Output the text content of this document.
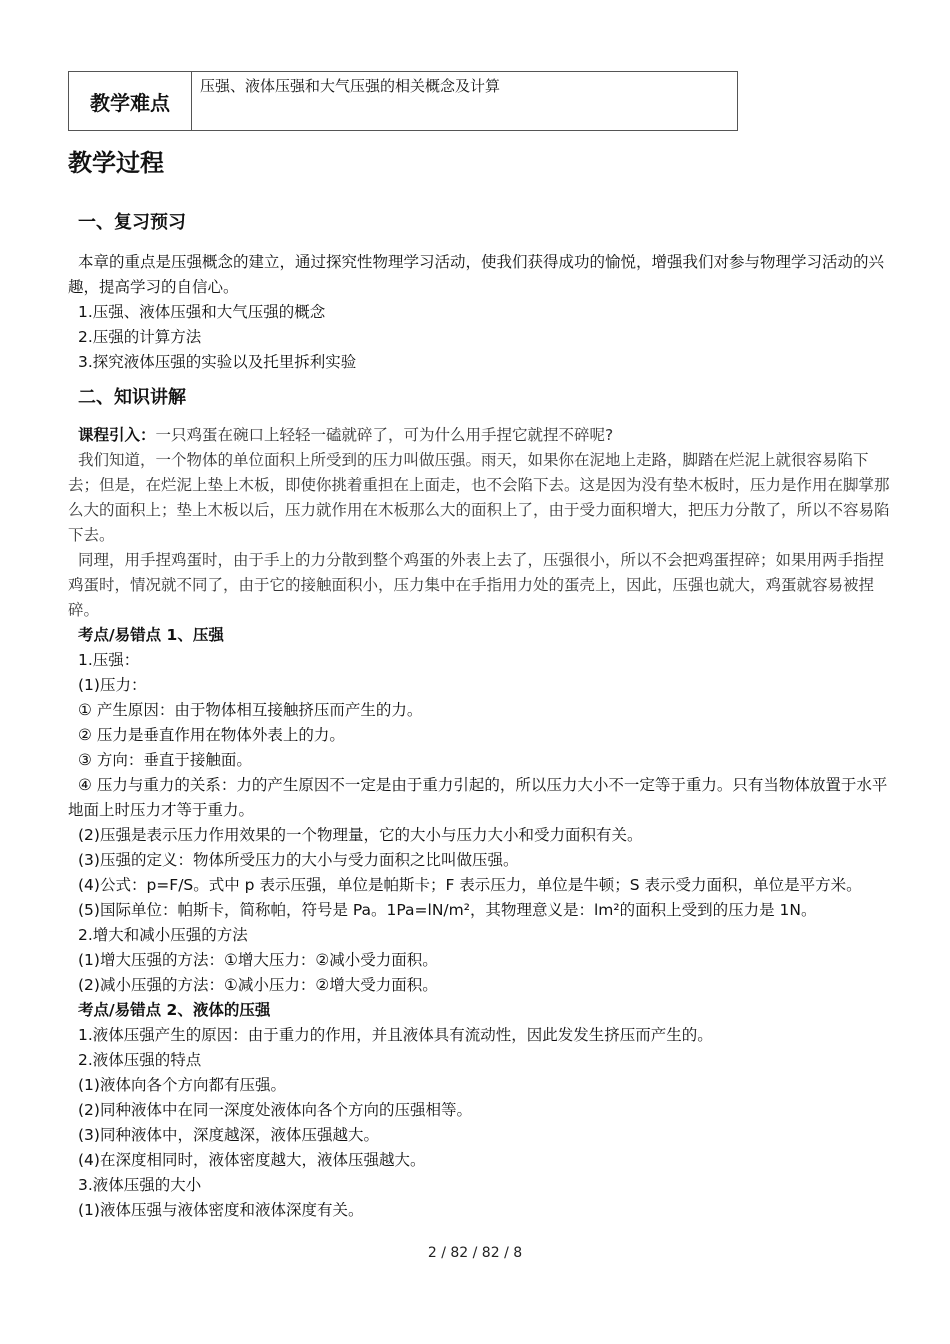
教学难点	压强、液体压强和大气压强的相关概念及计算
教学过程
一、复习预习

本章的重点是压强概念的建立，通过探究性物理学习活动，使我们获得成功的愉悦，增强我们对参与物理学习活动的兴趣，提高学习的自信心。

1.压强、液体压强和大气压强的概念

2.压强的计算方法

3.探究液体压强的实验以及托里拆利实验

二、知识讲解

课程引入：一只鸡蛋在碗口上轻轻一磕就碎了，可为什么用手捏它就捏不碎呢?

我们知道，一个物体的单位面积上所受到的压力叫做压强。雨天，如果你在泥地上走路，脚踏在烂泥上就很容易陷下去；但是，在烂泥上垫上木板，即使你挑着重担在上面走，也不会陷下去。这是因为没有垫木板时，压力是作用在脚掌那么大的面积上；垫上木板以后，压力就作用在木板那么大的面积上了，由于受力面积增大，把压力分散了，所以不容易陷下去。

同理，用手捏鸡蛋时，由于手上的力分散到整个鸡蛋的外表上去了，压强很小，所以不会把鸡蛋捏碎；如果用两手指捏鸡蛋时，情况就不同了，由于它的接触面积小，压力集中在手指用力处的蛋壳上，因此，压强也就大，鸡蛋就容易被捏碎。

考点/易错点 1、压强

1.压强：

(1)压力：

① 产生原因：由于物体相互接触挤压而产生的力。

② 压力是垂直作用在物体外表上的力。

③ 方向：垂直于接触面。

④ 压力与重力的关系：力的产生原因不一定是由于重力引起的，所以压力大小不一定等于重力。只有当物体放置于水平地面上时压力才等于重力。

(2)压强是表示压力作用效果的一个物理量，它的大小与压力大小和受力面积有关。

(3)压强的定义：物体所受压力的大小与受力面积之比叫做压强。

(4)公式：p=F/S。式中 p 表示压强，单位是帕斯卡；F 表示压力，单位是牛顿；S 表示受力面积，单位是平方米。

(5)国际单位：帕斯卡，简称帕，符号是 Pa。1Pa=lN/m²，其物理意义是：lm²的面积上受到的压力是 1N。

2.增大和减小压强的方法

(1)增大压强的方法：①增大压力：②减小受力面积。

(2)减小压强的方法：①减小压力：②增大受力面积。

考点/易错点 2、液体的压强

1.液体压强产生的原因：由于重力的作用，并且液体具有流动性，因此发发生挤压而产生的。

2.液体压强的特点

(1)液体向各个方向都有压强。

(2)同种液体中在同一深度处液体向各个方向的压强相等。

(3)同种液体中，深度越深，液体压强越大。

(4)在深度相同时，液体密度越大，液体压强越大。

3.液体压强的大小

(1)液体压强与液体密度和液体深度有关。

2 / 82 / 82 / 8
